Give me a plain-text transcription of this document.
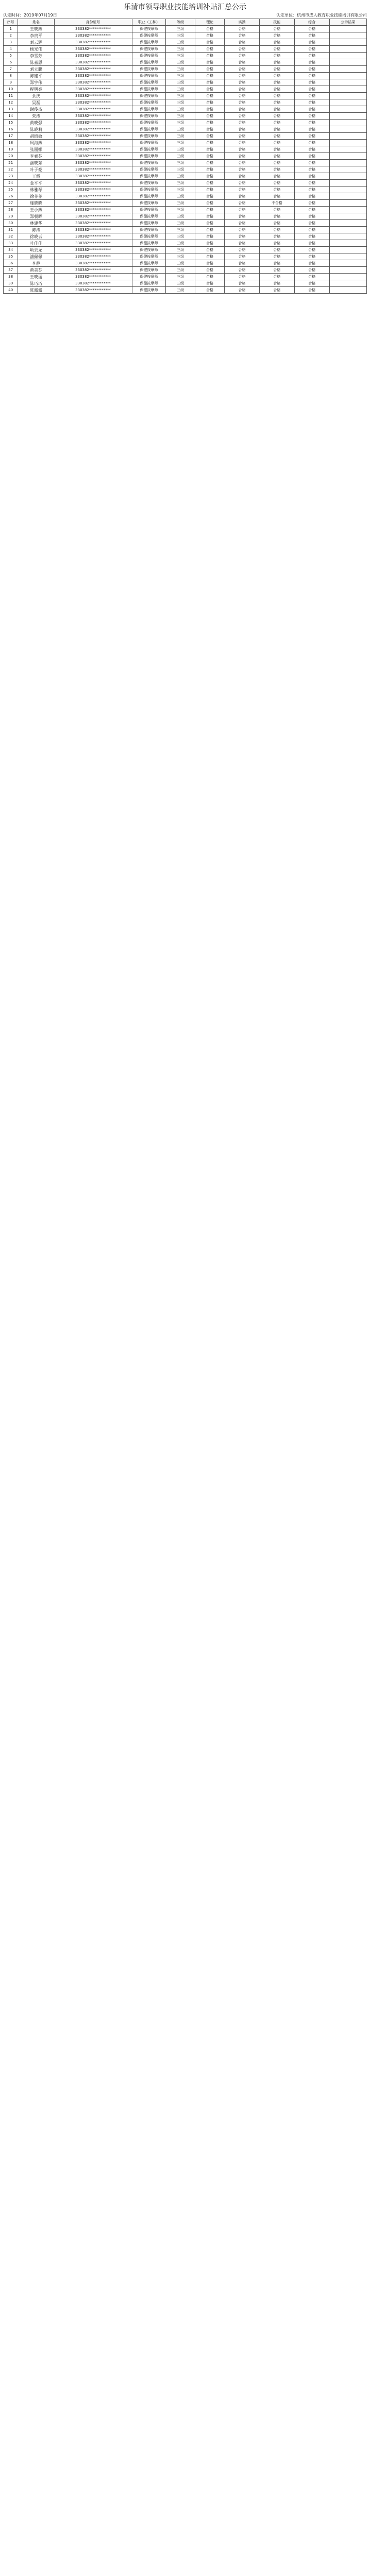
乐清市领导职业技能培训补贴汇总公示
认定时间：2019年07月19日	认定单位：杭州市成人教育职业技能培训有限公司
序号	姓名	身份证号	职业（工种）	等级	理论	实操	技能	综合	公示结果
1	王晓燕	330382************	保健按摩师	三级	合格	合格	合格	合格	
2	李贵平	330382************	保健按摩师	三级	合格	合格	合格	合格	
3	刘云辉	330382************	保健按摩师	三级	合格	合格	合格	合格	
4	杨光伟	330382************	保健按摩师	三级	合格	合格	合格	合格	
5	李雪芳	330382************	保健按摩师	三级	合格	合格	合格	合格	
6	陈嘉恩	330382************	保健按摩师	三级	合格	合格	合格	合格	
7	刘立鹏	330382************	保健按摩师	三级	合格	合格	合格	合格	
8	陈建平	330382************	保健按摩师	三级	合格	合格	合格	合格	
9	郑宇伟	330382************	保健按摩师	三级	合格	合格	合格	合格	
10	程明亮	330382************	保健按摩师	三级	合格	合格	合格	合格	
11	余庆	330382************	保健按摩师	三级	合格	合格	合格	合格	
12	吴磊	330382************	保健按摩师	三级	合格	合格	合格	合格	
13	谢俊杰	330382************	保健按摩师	三级	合格	合格	合格	合格	
14	朱涛	330382************	保健按摩师	三级	合格	合格	合格	合格	
15	黄晓强	330382************	保健按摩师	三级	合格	合格	合格	合格	
16	陈晓莉	330382************	保健按摩师	三级	合格	合格	合格	合格	
17	胡绍敏	330382************	保健按摩师	三级	合格	合格	合格	合格	
18	周海燕	330382************	保健按摩师	三级	合格	合格	合格	合格	
19	张丽娜	330382************	保健按摩师	三级	合格	合格	合格	合格	
20	李素芬	330382************	保健按摩师	三级	合格	合格	合格	合格	
21	潘晓东	330382************	保健按摩师	三级	合格	合格	合格	合格	
22	叶子豪	330382************	保健按摩师	三级	合格	合格	合格	合格	
23	王霞	330382************	保健按摩师	三级	合格	合格	合格	合格	
24	金平平	330382************	保健按摩师	三级	合格	合格	合格	合格	
25	林雅琴	330382************	保健按摩师	三级	合格	合格	合格	合格	
26	徐菲菲	330382************	保健按摩师	三级	合格	合格	合格	合格	
27	施晓晓	330382************	保健按摩师	三级	合格	合格	不合格	合格	
28	王小燕	330382************	保健按摩师	三级	合格	合格	合格	合格	
29	郑朝晖	330382************	保健按摩师	三级	合格	合格	合格	合格	
30	林建华	330382************	保健按摩师	三级	合格	合格	合格	合格	
31	陈涛	330382************	保健按摩师	三级	合格	合格	合格	合格	
32	徐晓云	330382************	保健按摩师	三级	合格	合格	合格	合格	
33	叶佳佳	330382************	保健按摩师	三级	合格	合格	合格	合格	
34	项云龙	330382************	保健按摩师	三级	合格	合格	合格	合格	
35	潘佩佩	330382************	保健按摩师	三级	合格	合格	合格	合格	
36	李静	330382************	保健按摩师	三级	合格	合格	合格	合格	
37	黄美芬	330382************	保健按摩师	三级	合格	合格	合格	合格	
38	王晓丽	330382************	保健按摩师	三级	合格	合格	合格	合格	
39	陈巧巧	330382************	保健按摩师	三级	合格	合格	合格	合格	
40	陈露露	330382************	保健按摩师	三级	合格	合格	合格	合格	
